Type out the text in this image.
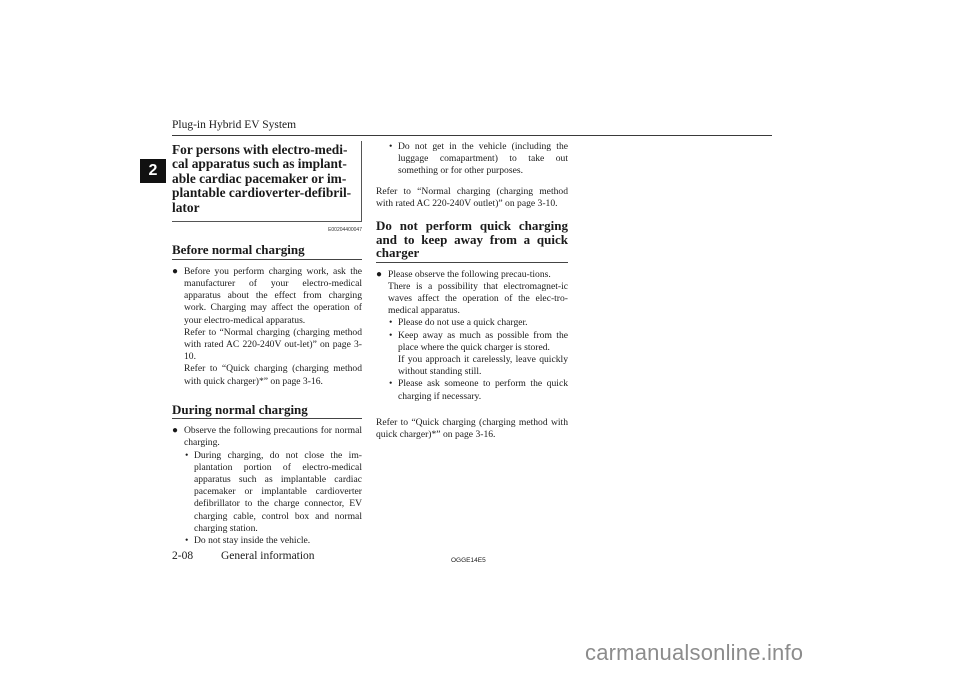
Plug-in Hybrid EV System
2
For persons with electro-medi-cal apparatus such as implant-able cardiac pacemaker or im-plantable cardioverter-defibril-lator
E00204400047
Before normal charging
● Before you perform charging work, ask the manufacturer of your electro-medical apparatus about the effect from charging work. Charging may affect the operation of your electro-medical apparatus.
Refer to “Normal charging (charging method with rated AC 220-240V out-let)” on page 3-10.
Refer to “Quick charging (charging method with quick charger)*” on page 3-16.
During normal charging
● Observe the following precautions for normal charging.
• During charging, do not close the im-plantation portion of electro-medical apparatus such as implantable cardiac pacemaker or implantable cardioverter defibrillator to the charge connector, EV charging cable, control box and normal charging station.
• Do not stay inside the vehicle.
• Do not get in the vehicle (including the luggage comapartment) to take out something or for other purposes.
Refer to “Normal charging (charging method with rated AC 220-240V outlet)” on page 3-10.
Do not perform quick charging and to keep away from a quick charger
● Please observe the following precau-tions.
There is a possibility that electromagnet-ic waves affect the operation of the elec-tro-medical apparatus.
• Please do not use a quick charger.
• Keep away as much as possible from the place where the quick charger is stored.
If you approach it carelessly, leave quickly without standing still.
• Please ask someone to perform the quick charging if necessary.
Refer to “Quick charging (charging method with quick charger)*” on page 3-16.
2-08 General information	OGGE14E5
carmanualsonline.info
